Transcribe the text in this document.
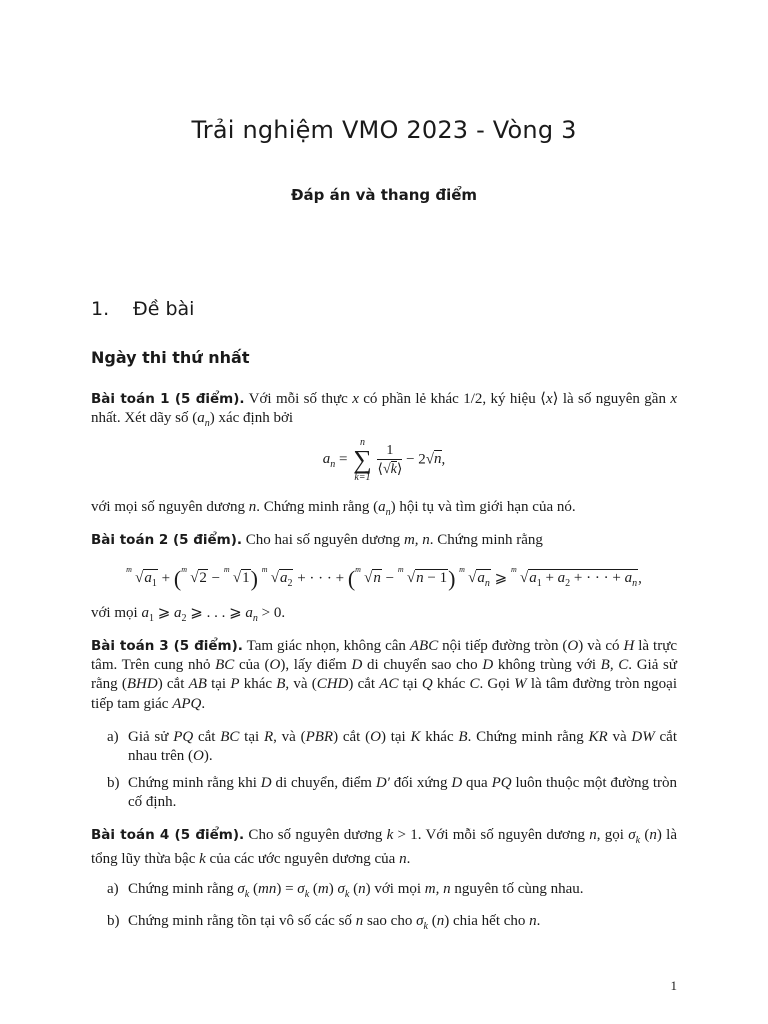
Trải nghiệm VMO 2023 - Vòng 3
Đáp án và thang điểm
1. Đề bài
Ngày thi thứ nhất
Bài toán 1 (5 điểm). Với mỗi số thực x có phần lẻ khác 1/2, ký hiệu ⟨x⟩ là số nguyên gần x nhất. Xét dãy số $(a_n)$ xác định bởi
$a_n$ =
n
∑
k=1
$\frac{1}{⟨√k⟩} - 2√n$,
với mọi số nguyên dương n. Chứng minh rằng $(a_n)$ hội tụ và tìm giới hạn của nó.
Bài toán 2 (5 điểm). Cho hai số nguyên dương m, n. Chứng minh rằng
m
$√a_1$ + ( m
√2 −
m
√1) m
$√a_2$ + · · · + ( m
√n −
m
√n − 1) m
$√a_n$ ⩾
m
$√a_1 + a_2$ + · · · + $a_n$,
với mọi $a_1$ ⩾ $a_2$ ⩾ . . . ⩾ $a_n > 0$.
Bài toán 3 (5 điểm). Tam giác nhọn, không cân ABC nội tiếp đường tròn (O) và có H là trực tâm. Trên cung nhỏ BC của (O), lấy điểm D di chuyển sao cho D không trùng với B, C. Giả sử rằng (BHD) cắt AB tại P khác B, và (CHD) cắt AC tại Q khác C. Gọi W là tâm đường tròn ngoại tiếp tam giác APQ.
a) Giả sử PQ cắt BC tại R, và (PBR) cắt (O) tại K khác B. Chứng minh rằng KR và DW cắt nhau trên (O).
b) Chứng minh rằng khi D di chuyển, điểm D′ đối xứng D qua PQ luôn thuộc một đường tròn cố định.
Bài toán 4 (5 điểm). Cho số nguyên dương k > 1. Với mỗi số nguyên dương n, gọi $\sigma_k$ (n) là tổng lũy thừa bậc k của các ước nguyên dương của n.
a) Chứng minh rằng $\sigma_k$ $(mn) = \sigma_k$ (m) $\sigma_k$ (n) với mọi m, n nguyên tố cùng nhau.
b) Chứng minh rằng tồn tại vô số các số n sao cho $\sigma_k$ (n) chia hết cho n.
1
